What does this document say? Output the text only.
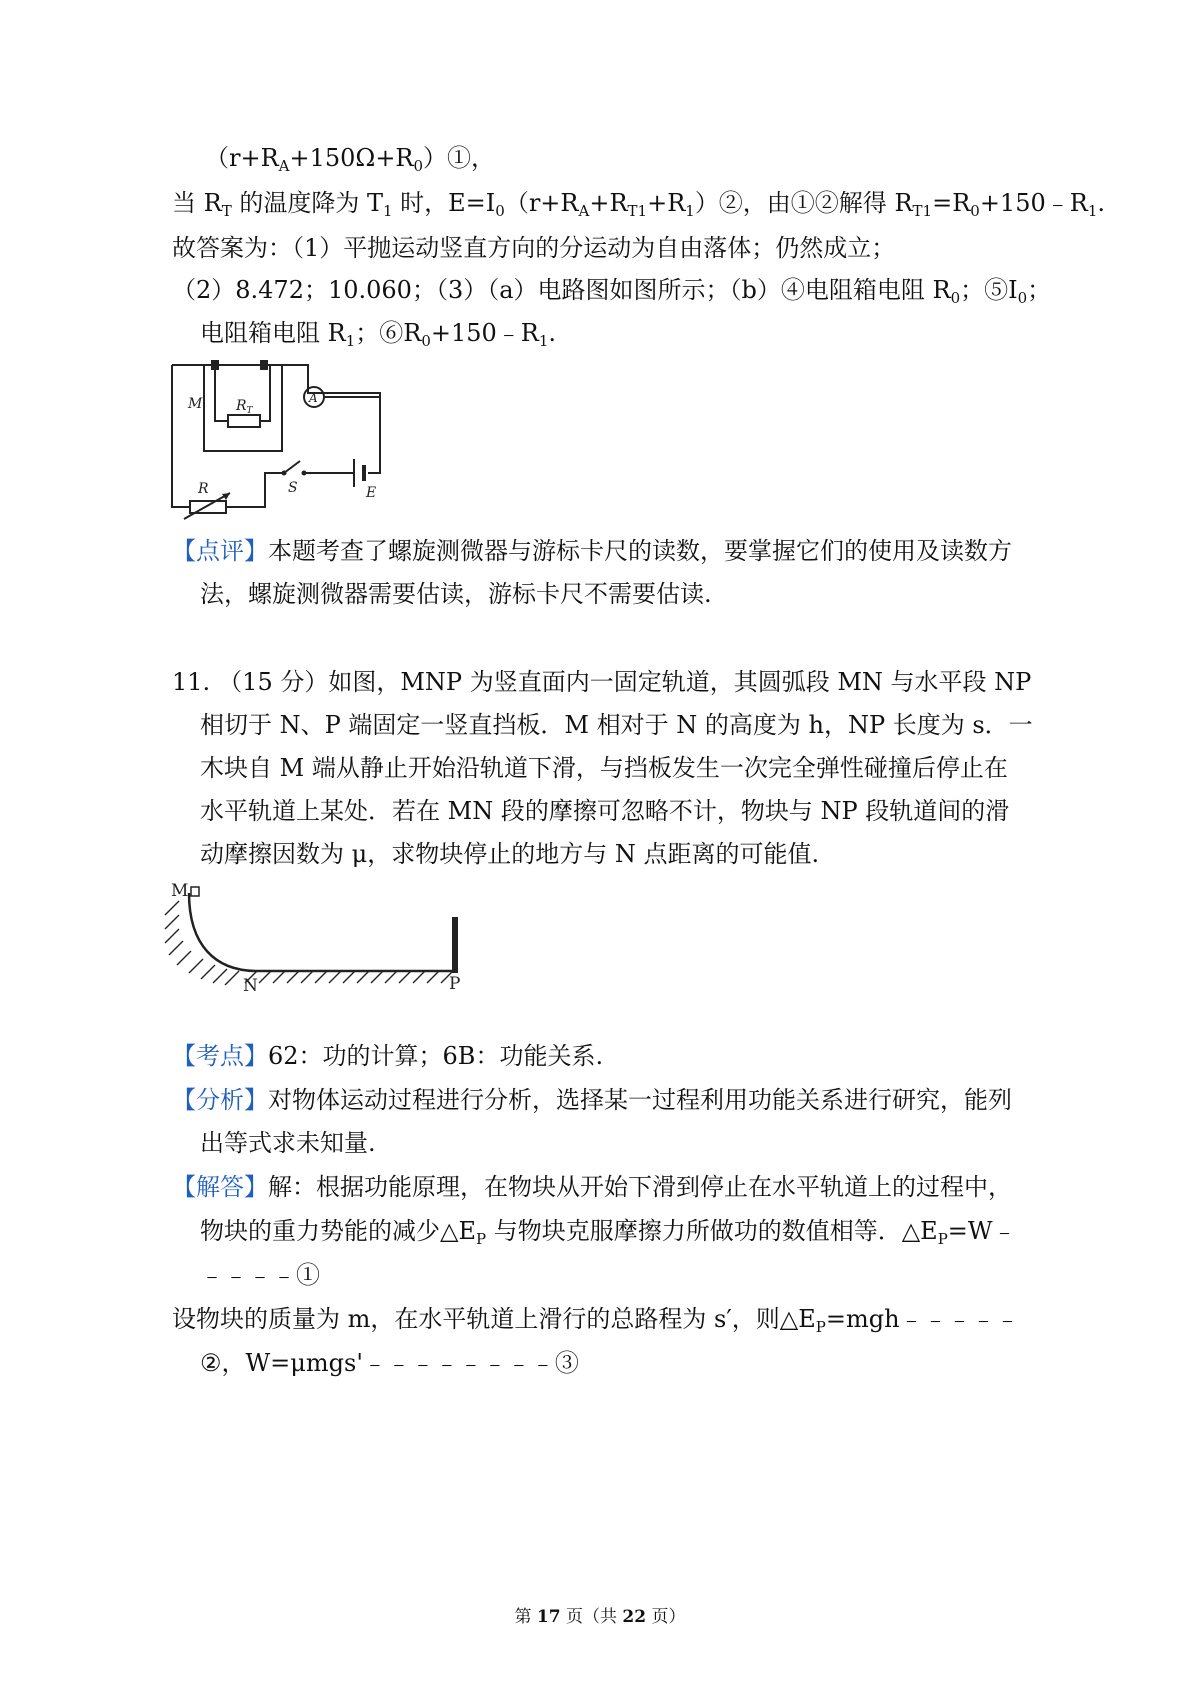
$(r+R_A+150\Omega+R_0)①$，
当 $R_T$ 的温度降为 $T_1$ 时，$E=I_0(r+R_A+R_{T1}+R_1)②$，由①②解得 $R_{T1}=R_0+150﹣R_1$.
故答案为：（1）平抛运动竖直方向的分运动为自由落体；仍然成立；
（2）8.472；10.060；（3）（a）电路图如图所示；（b）④电阻箱电阻 $R_0$；$⑤I_0$；
电阻箱电阻 $R_1$；$⑥R_0+150﹣R_1$.
M $R_T$
A
S	E
R
【点评】本题考查了螺旋测微器与游标卡尺的读数，要掌握它们的使用及读数方
法，螺旋测微器需要估读，游标卡尺不需要估读.
11. （15 分）如图，MNP 为竖直面内一固定轨道，其圆弧段 MN 与水平段 NP
相切于 N、P 端固定一竖直挡板．M 相对于 N 的高度为 h，NP 长度为 s．一
木块自 M 端从静止开始沿轨道下滑，与挡板发生一次完全弹性碰撞后停止在
水平轨道上某处．若在 MN 段的摩擦可忽略不计，物块与 NP 段轨道间的滑
动摩擦因数为 μ，求物块停止的地方与 N 点距离的可能值.
M
N	P
【考点】62：功的计算；6B：功能关系.
【分析】对物体运动过程进行分析，选择某一过程利用功能关系进行研究，能列
出等式求未知量.
【解答】解：根据功能原理，在物块从开始下滑到停止在水平轨道上的过程中，
物块的重力势能的减少$\triangle E_P$ 与物块克服摩擦力所做功的数值相等．$\triangle E_P=W﹣$
﹣﹣﹣﹣①
设物块的质量为 m，在水平轨道上滑行的总路程为 s′，则$\triangle E_P=mgh﹣﹣﹣﹣﹣$
②，W=μmgs'﹣﹣﹣﹣﹣﹣﹣﹣③
第 17 页（共 22 页）
